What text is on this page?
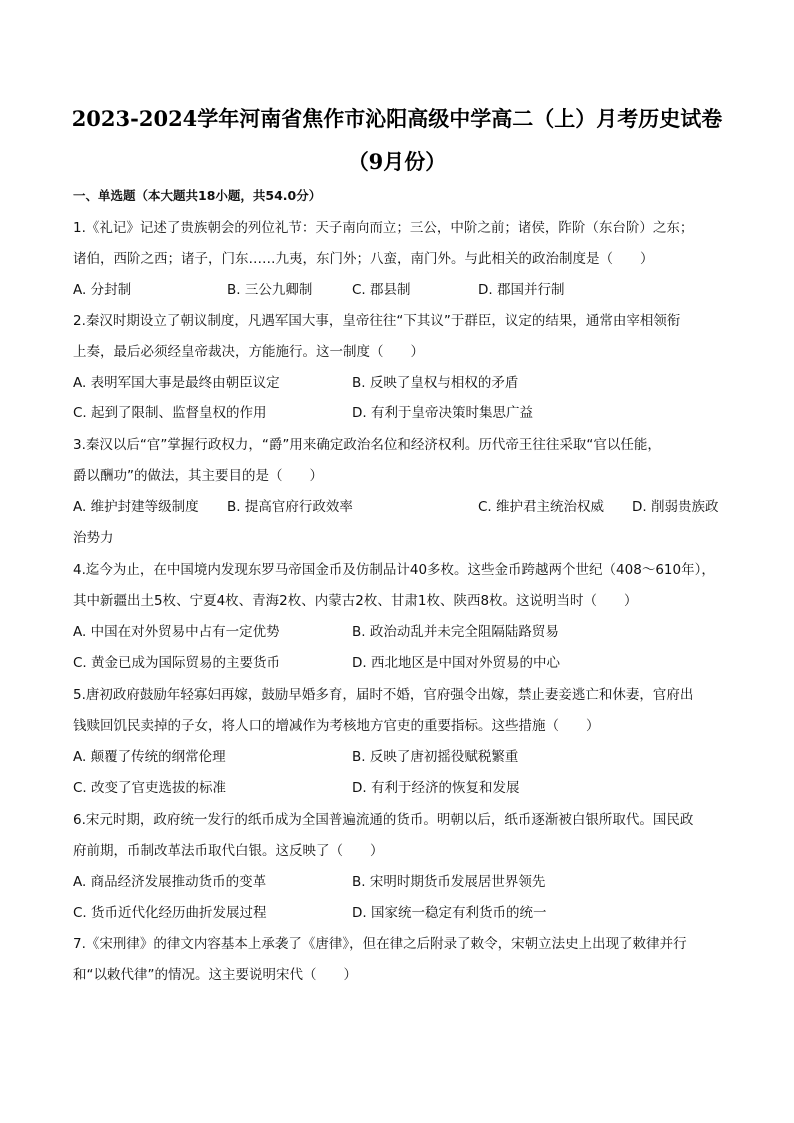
2023-2024学年河南省焦作市沁阳高级中学高二（上）月考历史试卷
（9月份）
一、单选题（本大题共18小题，共54.0分）
1.《礼记》记述了贵族朝会的列位礼节：天子南向而立；三公，中阶之前；诸侯，阼阶（东台阶）之东；
诸伯，西阶之西；诸子，门东……九夷，东门外；八蛮，南门外。与此相关的政治制度是（　　）
A. 分封制	B. 三公九卿制	C. 郡县制	D. 郡国并行制
2.秦汉时期设立了朝议制度，凡遇军国大事，皇帝往往“下其议”于群臣，议定的结果，通常由宰相领衔
上奏，最后必须经皇帝裁决，方能施行。这一制度（　　）
A. 表明军国大事是最终由朝臣议定	B. 反映了皇权与相权的矛盾
C. 起到了限制、监督皇权的作用	D. 有利于皇帝决策时集思广益
3.秦汉以后“官”掌握行政权力，“爵”用来确定政治名位和经济权利。历代帝王往往采取“官以任能，
爵以酬功”的做法，其主要目的是（　　）
A. 维护封建等级制度 B. 提高官府行政效率	C. 维护君主统治权威 D. 削弱贵族政
治势力
4.迄今为止，在中国境内发现东罗马帝国金币及仿制品计40多枚。这些金币跨越两个世纪（408～610年），
其中新疆出土5枚、宁夏4枚、青海2枚、内蒙古2枚、甘肃1枚、陕西8枚。这说明当时（　　）
A. 中国在对外贸易中占有一定优势	B. 政治动乱并未完全阻隔陆路贸易
C. 黄金已成为国际贸易的主要货币	D. 西北地区是中国对外贸易的中心
5.唐初政府鼓励年轻寡妇再嫁，鼓励早婚多育，届时不婚，官府强令出嫁，禁止妻妾逃亡和休妻，官府出
钱赎回饥民卖掉的子女，将人口的增减作为考核地方官吏的重要指标。这些措施（　　）
A. 颠覆了传统的纲常伦理	B. 反映了唐初摇役赋税繁重
C. 改变了官吏选拔的标准	D. 有利于经济的恢复和发展
6.宋元时期，政府统一发行的纸币成为全国普遍流通的货币。明朝以后，纸币逐渐被白银所取代。国民政
府前期，币制改革法币取代白银。这反映了（　　）
A. 商品经济发展推动货币的变革	B. 宋明时期货币发展居世界领先
C. 货币近代化经历曲折发展过程	D. 国家统一稳定有利货币的统一
7.《宋刑律》的律文内容基本上承袭了《唐律》，但在律之后附录了敕令，宋朝立法史上出现了敕律并行
和“以敕代律”的情况。这主要说明宋代（　　）
